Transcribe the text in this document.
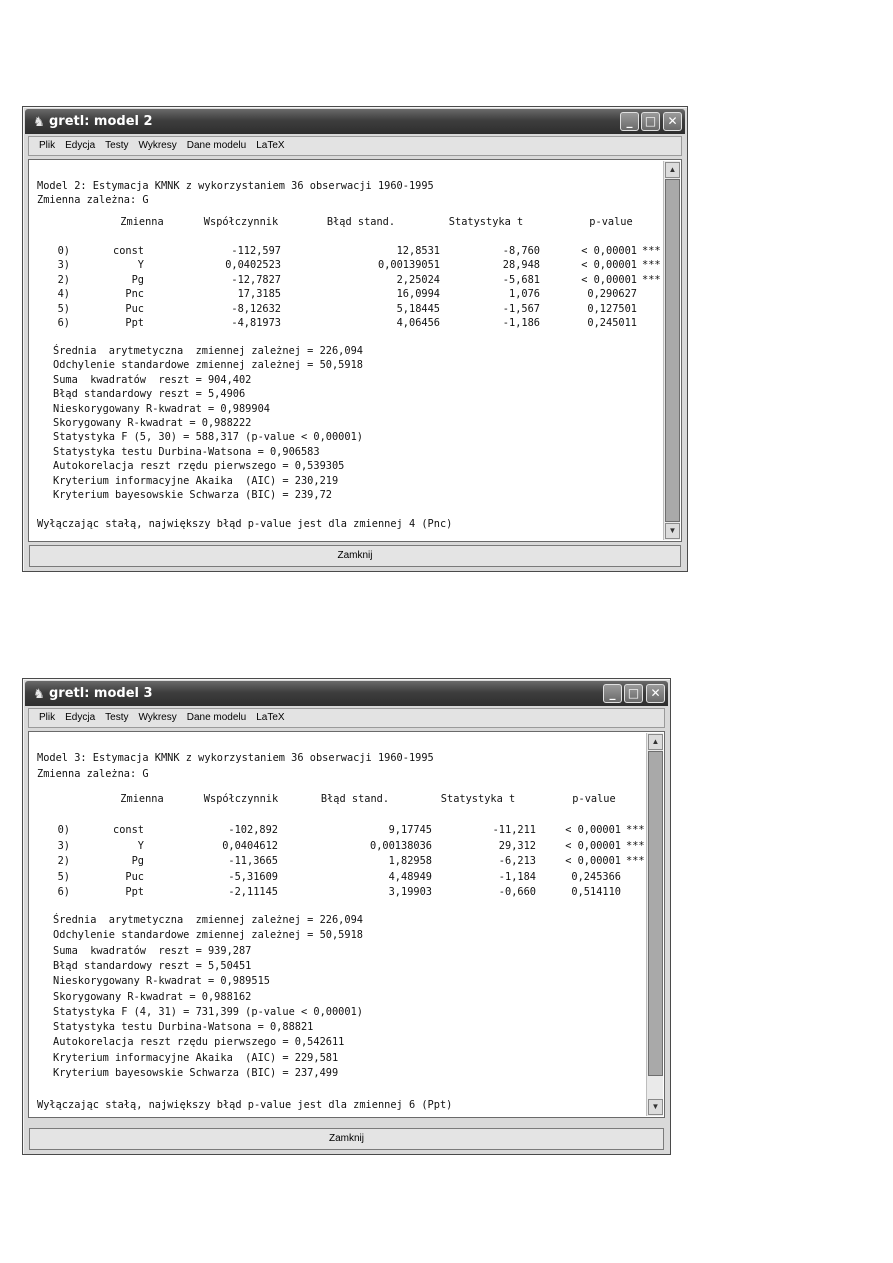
♞ gretl: model 2	_	□ ✕
Plik Edycja Testy Wykresy Dane modelu LaTeX
Model 2: Estymacja KMNK z wykorzystaniem 36 obserwacji 1960-1995
Zmienna zależna: G
Zmienna	Współczynnik	Błąd stand.	Statystyka t	p-value
0)	const	-112,597	12,8531	-8,760	< 0,00001 ***
3)	Y	0,0402523	0,00139051	28,948	< 0,00001 ***
2)	Pg	-12,7827	2,25024	-5,681	< 0,00001 ***
4)	Pnc	17,3185	16,0994	1,076	0,290627
5)	Puc	-8,12632	5,18445	-1,567	0,127501
6)	Ppt	-4,81973	4,06456	-1,186	0,245011
Średnia  arytmetyczna  zmiennej zależnej = 226,094
Odchylenie standardowe zmiennej zależnej = 50,5918
Suma  kwadratów  reszt = 904,402
Błąd standardowy reszt = 5,4906
Nieskorygowany R-kwadrat = 0,989904
Skorygowany R-kwadrat = 0,988222
Statystyka F (5, 30) = 588,317 (p-value < 0,00001)
Statystyka testu Durbina-Watsona = 0,906583
Autokorelacja reszt rzędu pierwszego = 0,539305
Kryterium informacyjne Akaika  (AIC) = 230,219
Kryterium bayesowskie Schwarza (BIC) = 239,72
Wyłączając stałą, największy błąd p-value jest dla zmiennej 4 (Pnc)
▲
▼
Zamknij
♞ gretl: model 3	_	□ ✕
Plik Edycja Testy Wykresy Dane modelu LaTeX
Model 3: Estymacja KMNK z wykorzystaniem 36 obserwacji 1960-1995
Zmienna zależna: G
Zmienna	Współczynnik	Błąd stand.	Statystyka t	p-value
0)	const	-102,892	9,17745	-11,211	< 0,00001 ***
3)	Y	0,0404612	0,00138036	29,312	< 0,00001 ***
2)	Pg	-11,3665	1,82958	-6,213	< 0,00001 ***
5)	Puc	-5,31609	4,48949	-1,184	0,245366
6)	Ppt	-2,11145	3,19903	-0,660	0,514110
Średnia  arytmetyczna  zmiennej zależnej = 226,094
Odchylenie standardowe zmiennej zależnej = 50,5918
Suma  kwadratów  reszt = 939,287
Błąd standardowy reszt = 5,50451
Nieskorygowany R-kwadrat = 0,989515
Skorygowany R-kwadrat = 0,988162
Statystyka F (4, 31) = 731,399 (p-value < 0,00001)
Statystyka testu Durbina-Watsona = 0,88821
Autokorelacja reszt rzędu pierwszego = 0,542611
Kryterium informacyjne Akaika  (AIC) = 229,581
Kryterium bayesowskie Schwarza (BIC) = 237,499
Wyłączając stałą, największy błąd p-value jest dla zmiennej 6 (Ppt)
▲
▼
Zamknij
